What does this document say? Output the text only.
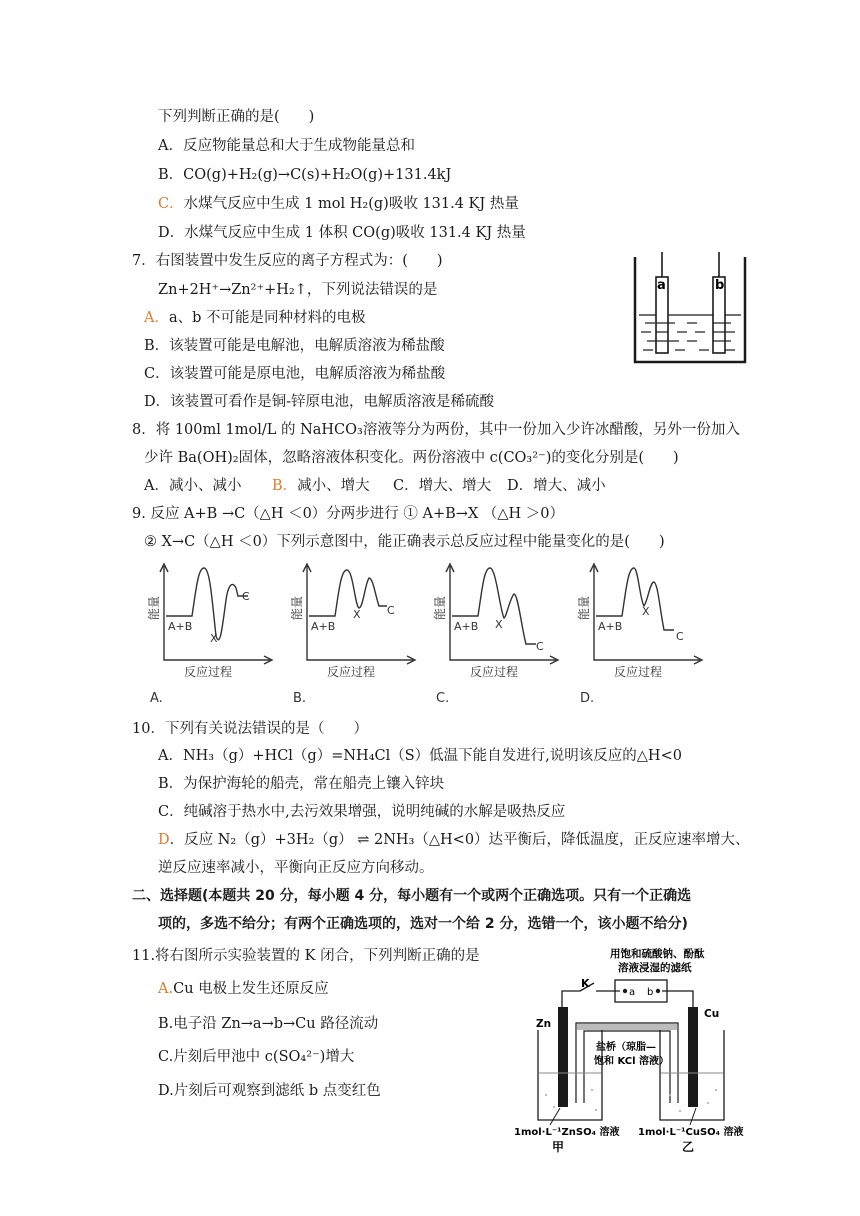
下列判断正确的是(　　)
A．反应物能量总和大于生成物能量总和
B．CO(g)+H₂(g)→C(s)+H₂O(g)+131.4kJ
C．水煤气反应中生成 1 mol H₂(g)吸收 131.4 KJ 热量
D．水煤气反应中生成 1 体积 CO(g)吸收 131.4 KJ 热量
7．右图装置中发生反应的离子方程式为：(　　)
Zn+2H⁺→Zn²⁺+H₂↑，下列说法错误的是
A．a、b 不可能是同种材料的电极
B．该装置可能是电解池，电解质溶液为稀盐酸
C．该装置可能是原电池，电解质溶液为稀盐酸
D．该装置可看作是铜-锌原电池，电解质溶液是稀硫酸
a	b
8．将 100ml 1mol/L 的 NaHCO₃溶液等分为两份，其中一份加入少许冰醋酸，另外一份加入
少许 Ba(OH)₂固体，忽略溶液体积变化。两份溶液中 c(CO₃²⁻)的变化分别是(　　)
A．减小、减小 B．减小、增大 C．增大、增大 D．增大、减小
9. 反应 A+B →C（△H ＜0）分两步进行 ① A+B→X （△H ＞0）
② X→C（△H ＜0）下列示意图中，能正确表示总反应过程中能量变化的是(　　)
能量
反应过程
A+B
X
C
A.
能量
反应过程
A+B
X C
B.
能量
反应过程
A+B X
C
C.
能量
反应过程
A+B
X
C
D.
10．下列有关说法错误的是（　　）
A．NH₃（g）+HCl（g）=NH₄Cl（S）低温下能自发进行,说明该反应的△H<0
B．为保护海轮的船壳，常在船壳上镶入锌块
C．纯碱溶于热水中,去污效果增强，说明纯碱的水解是吸热反应
D．反应 N₂（g）+3H₂（g） ⇌ 2NH₃（△H<0）达平衡后，降低温度，正反应速率增大、
逆反应速率减小，平衡向正反应方向移动。
二、选择题(本题共 20 分，每小题 4 分，每小题有一个或两个正确选项。只有一个正确选
项的，多选不给分；有两个正确选项的，选对一个给 2 分，选错一个，该小题不给分)
11.将右图所示实验装置的 K 闭合，下列判断正确的是
A.Cu 电极上发生还原反应
B.电子沿 Zn→a→b→Cu 路径流动
C.片刻后甲池中 c(SO₄²⁻)增大
D.片刻后可观察到滤纸 b 点变红色
用饱和硫酸钠、酚酞
溶液浸湿的滤纸
a b
K
Zn
Cu
盐桥（琼脂—
饱和 KCl 溶液）
1mol·L⁻¹ZnSO₄ 溶液 1mol·L⁻¹CuSO₄ 溶液
甲	乙
